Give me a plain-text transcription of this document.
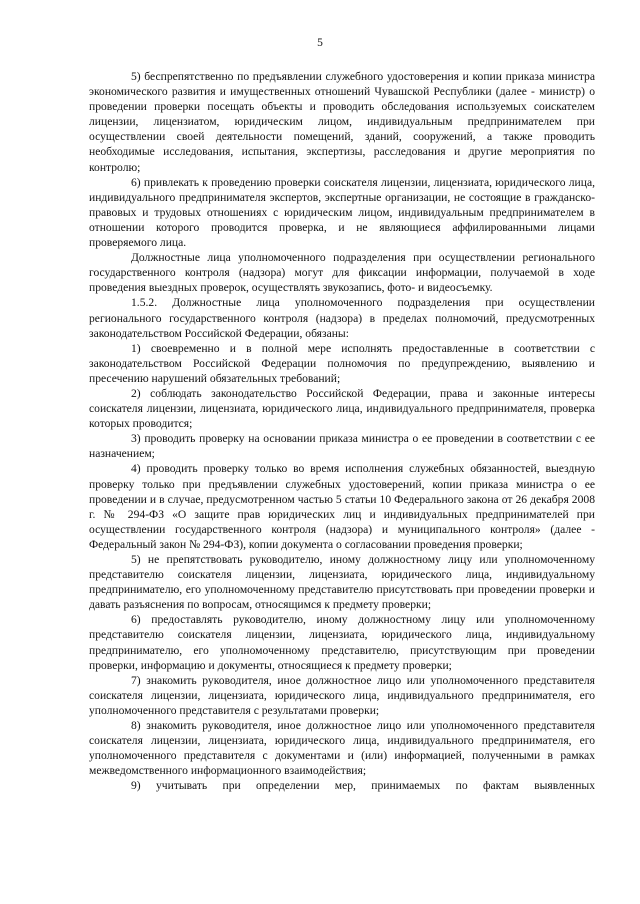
5

5) беспрепятственно по предъявлении служебного удостоверения и копии приказа министра экономического развития и имущественных отношений Чувашской Республики (далее - министр) о проведении проверки посещать объекты и проводить обследования используемых соискателем лицензии, лицензиатом, юридическим лицом, индивидуальным предпринимателем при осуществлении своей деятельности помещений, зданий, сооружений, а также проводить необходимые исследования, испытания, экспертизы, расследования и другие мероприятия по контролю;

6) привлекать к проведению проверки соискателя лицензии, лицензиата, юридического лица, индивидуального предпринимателя экспертов, экспертные организации, не состоящие в гражданско-правовых и трудовых отношениях с юридическим лицом, индивидуальным предпринимателем в отношении которого проводится проверка, и не являющиеся аффилированными лицами проверяемого лица.

Должностные лица уполномоченного подразделения при осуществлении регионального государственного контроля (надзора) могут для фиксации информации, получаемой в ходе проведения выездных проверок, осуществлять звукозапись, фото- и видеосъемку.

1.5.2. Должностные лица уполномоченного подразделения при осуществлении регионального государственного контроля (надзора) в пределах полномочий, предусмотренных законодательством Российской Федерации, обязаны:

1) своевременно и в полной мере исполнять предоставленные в соответствии с законодательством Российской Федерации полномочия по предупреждению, выявлению и пресечению нарушений обязательных требований;

2) соблюдать законодательство Российской Федерации, права и законные интересы соискателя лицензии, лицензиата, юридического лица, индивидуального предпринимателя, проверка которых проводится;

3) проводить проверку на основании приказа министра о ее проведении в соответствии с ее назначением;

4) проводить проверку только во время исполнения служебных обязанностей, выездную проверку только при предъявлении служебных удостоверений, копии приказа министра о ее проведении и в случае, предусмотренном частью 5 статьи 10 Федерального закона от 26 декабря 2008 г. № 294-ФЗ «О защите прав юридических лиц и индивидуальных предпринимателей при осуществлении государственного контроля (надзора) и муниципального контроля» (далее - Федеральный закон № 294-ФЗ), копии документа о согласовании проведения проверки;

5) не препятствовать руководителю, иному должностному лицу или уполномоченному представителю соискателя лицензии, лицензиата, юридического лица, индивидуальному предпринимателю, его уполномоченному представителю присутствовать при проведении проверки и давать разъяснения по вопросам, относящимся к предмету проверки;

6) предоставлять руководителю, иному должностному лицу или уполномоченному представителю соискателя лицензии, лицензиата, юридического лица, индивидуальному предпринимателю, его уполномоченному представителю, присутствующим при проведении проверки, информацию и документы, относящиеся к предмету проверки;

7) знакомить руководителя, иное должностное лицо или уполномоченного представителя соискателя лицензии, лицензиата, юридического лица, индивидуального предпринимателя, его уполномоченного представителя с результатами проверки;

8) знакомить руководителя, иное должностное лицо или уполномоченного представителя соискателя лицензии, лицензиата, юридического лица, индивидуального предпринимателя, его уполномоченного представителя с документами и (или) информацией, полученными в рамках межведомственного информационного взаимодействия;

9) учитывать при определении мер, принимаемых по фактам выявленных
